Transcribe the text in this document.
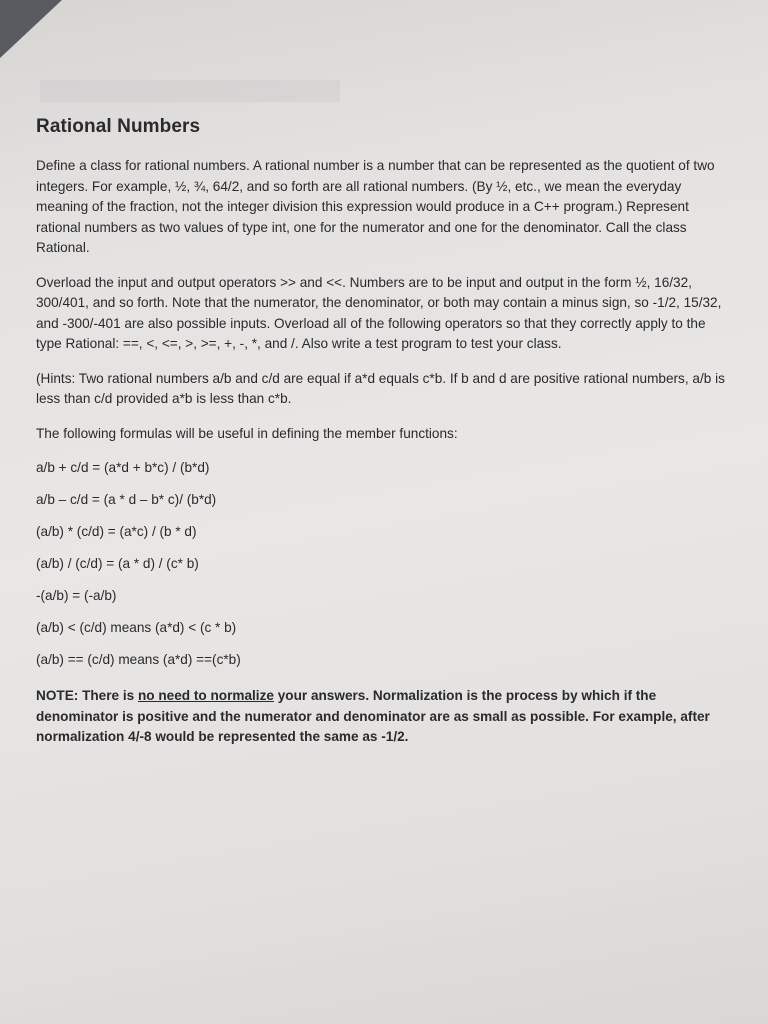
Rational Numbers

Define a class for rational numbers. A rational number is a number that can be represented as the quotient of two integers. For example, ½, ¾, 64/2, and so forth are all rational numbers. (By ½, etc., we mean the everyday meaning of the fraction, not the integer division this expression would produce in a C++ program.) Represent rational numbers as two values of type int, one for the numerator and one for the denominator. Call the class Rational.

Overload the input and output operators >> and <<. Numbers are to be input and output in the form ½, 16/32, 300/401, and so forth. Note that the numerator, the denominator, or both may contain a minus sign, so -1/2, 15/32, and -300/-401 are also possible inputs. Overload all of the following operators so that they correctly apply to the type Rational: ==, <, <=, >, >=, +, -, *, and /. Also write a test program to test your class.

(Hints: Two rational numbers a/b and c/d are equal if a*d equals c*b. If b and d are positive rational numbers, a/b is less than c/d provided a*b is less than c*b.

The following formulas will be useful in defining the member functions:

a/b + c/d = (a*d + b*c) / (b*d)
a/b – c/d = (a * d – b* c)/ (b*d)
(a/b) * (c/d) = (a*c) / (b * d)
(a/b) / (c/d) = (a * d) / (c* b)
-(a/b) = (-a/b)
(a/b) < (c/d) means (a*d) < (c * b)
(a/b) == (c/d) means (a*d) ==(c*b)

NOTE: There is no need to normalize your answers. Normalization is the process by which if the denominator is positive and the numerator and denominator are as small as possible. For example, after normalization 4/-8 would be represented the same as -1/2.
